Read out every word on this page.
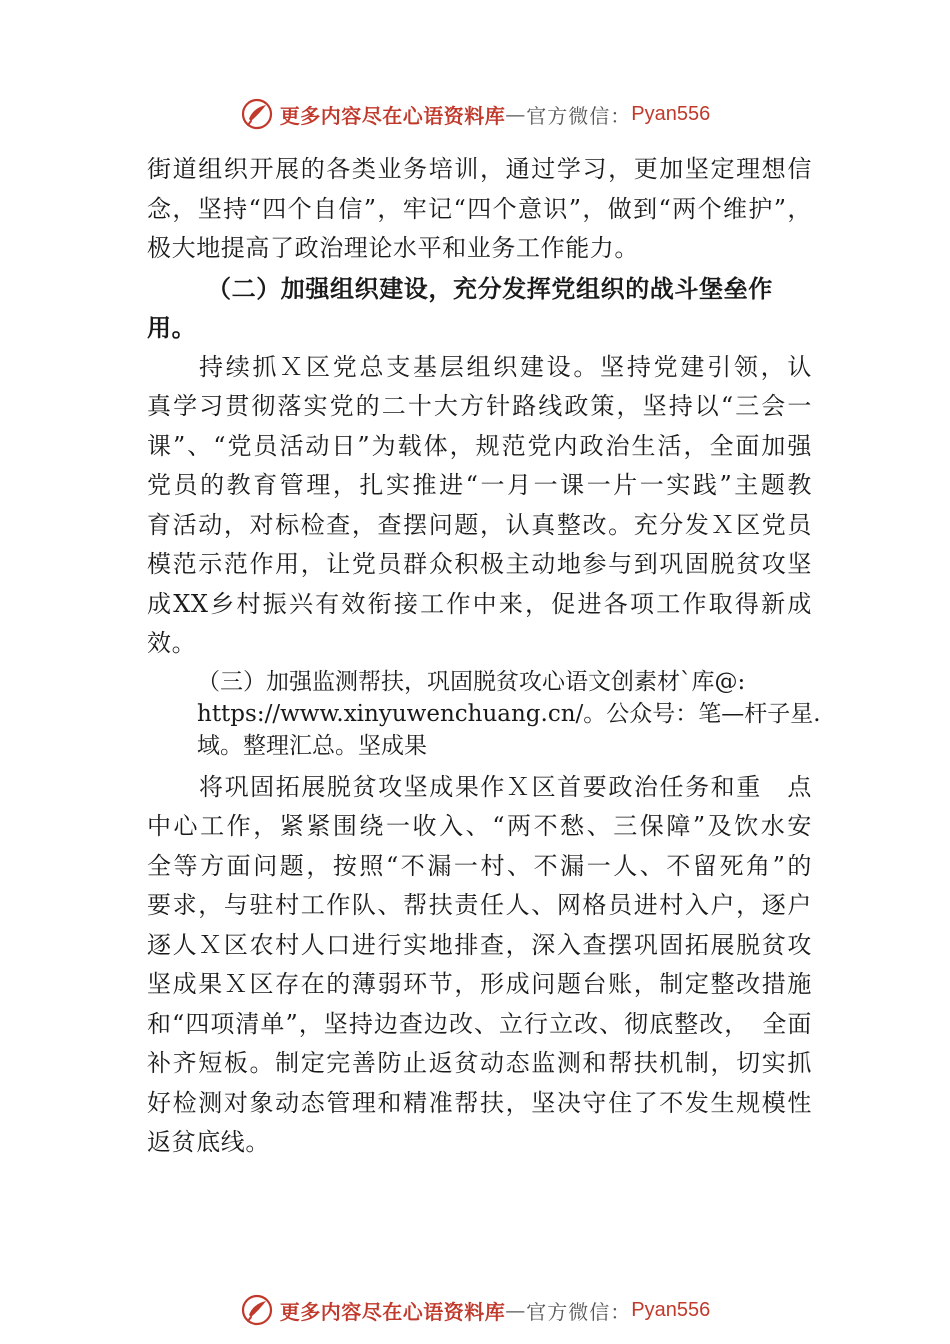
更多内容尽在心语资料库 — 官方微信： Pyan556
街道组织开展的各类业务培训，通过学习，更加坚定理想信
念，坚持“四个自信”，牢记“四个意识”，做到“两个维护”，
极大地提高了政治理论水平和业务工作能力。
（二）加强组织建设，充分发挥党组织的战斗堡垒作
用。
持续抓Ｘ区党总支基层组织建设。坚持党建引领，认
真学习贯彻落实党的二十大方针路线政策，坚持以“三会一
课”、“党员活动日”为载体，规范党内政治生活，全面加强
党员的教育管理，扎实推进“一月一课一片一实践”主题教
育活动，对标检查，查摆问题，认真整改。充分发Ｘ区党员
模范示范作用，让党员群众积极主动地参与到巩固脱贫攻坚
成XX乡村振兴有效衔接工作中来，促进各项工作取得新成
效。
（三）加强监测帮扶，巩固脱贫攻心语文创素材`库@:
https://www.xinyuwenchuang.cn/。公众号：笔—杆子星.
域。整理汇总。坚成果
将巩固拓展脱贫攻坚成果作Ｘ区首要政治任务和重　点
中心工作，紧紧围绕一收入、“两不愁、三保障”及饮水安
全等方面问题，按照“不漏一村、不漏一人、不留死角”的
要求，与驻村工作队、帮扶责任人、网格员进村入户，逐户
逐人Ｘ区农村人口进行实地排查，深入查摆巩固拓展脱贫攻
坚成果Ｘ区存在的薄弱环节，形成问题台账，制定整改措施
和“四项清单”，坚持边查边改、立行立改、彻底整改，　全面
补齐短板。制定完善防止返贫动态监测和帮扶机制，切实抓
好检测对象动态管理和精准帮扶，坚决守住了不发生规模性
返贫底线。
更多内容尽在心语资料库 — 官方微信： Pyan556
